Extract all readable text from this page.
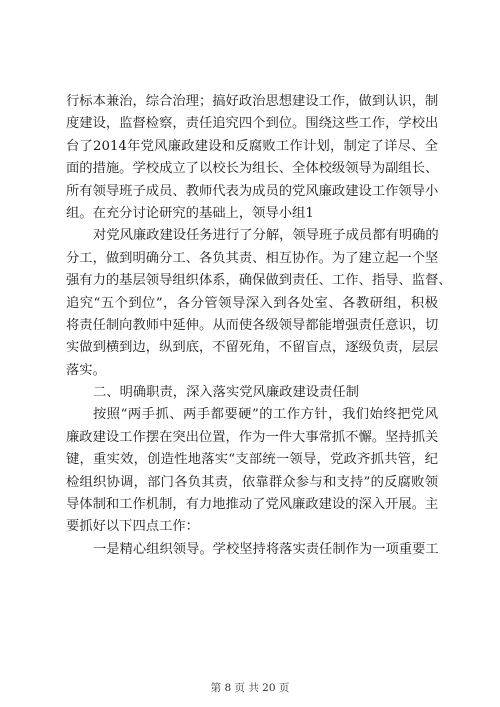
行标本兼治，综合治理；搞好政治思想建设工作，做到认识，制
度建设，监督检察，责任追究四个到位。围绕这些工作，学校出
台了2014年党风廉政建设和反腐败工作计划，制定了详尽、全
面的措施。学校成立了以校长为组长、全体校级领导为副组长、
所有领导班子成员、教师代表为成员的党风廉政建设工作领导小
组。在充分讨论研究的基础上，领导小组1
对党风廉政建设任务进行了分解，领导班子成员都有明确的
分工，做到明确分工、各负其责、相互协作。为了建立起一个坚
强有力的基层领导组织体系，确保做到责任、工作、指导、监督、
追究“五个到位”，各分管领导深入到各处室、各教研组，积极
将责任制向教师中延伸。从而使各级领导都能增强责任意识，切
实做到横到边，纵到底，不留死角，不留盲点，逐级负责，层层
落实。
二、明确职责，深入落实党风廉政建设责任制
按照“两手抓、两手都要硬”的工作方针，我们始终把党风
廉政建设工作摆在突出位置，作为一件大事常抓不懈。坚持抓关
键，重实效，创造性地落实“支部统一领导，党政齐抓共管，纪
检组织协调，部门各负其责，依靠群众参与和支持”的反腐败领
导体制和工作机制，有力地推动了党风廉政建设的深入开展。主
要抓好以下四点工作：
一是精心组织领导。学校坚持将落实责任制作为一项重要工
第 8 页 共 20 页
